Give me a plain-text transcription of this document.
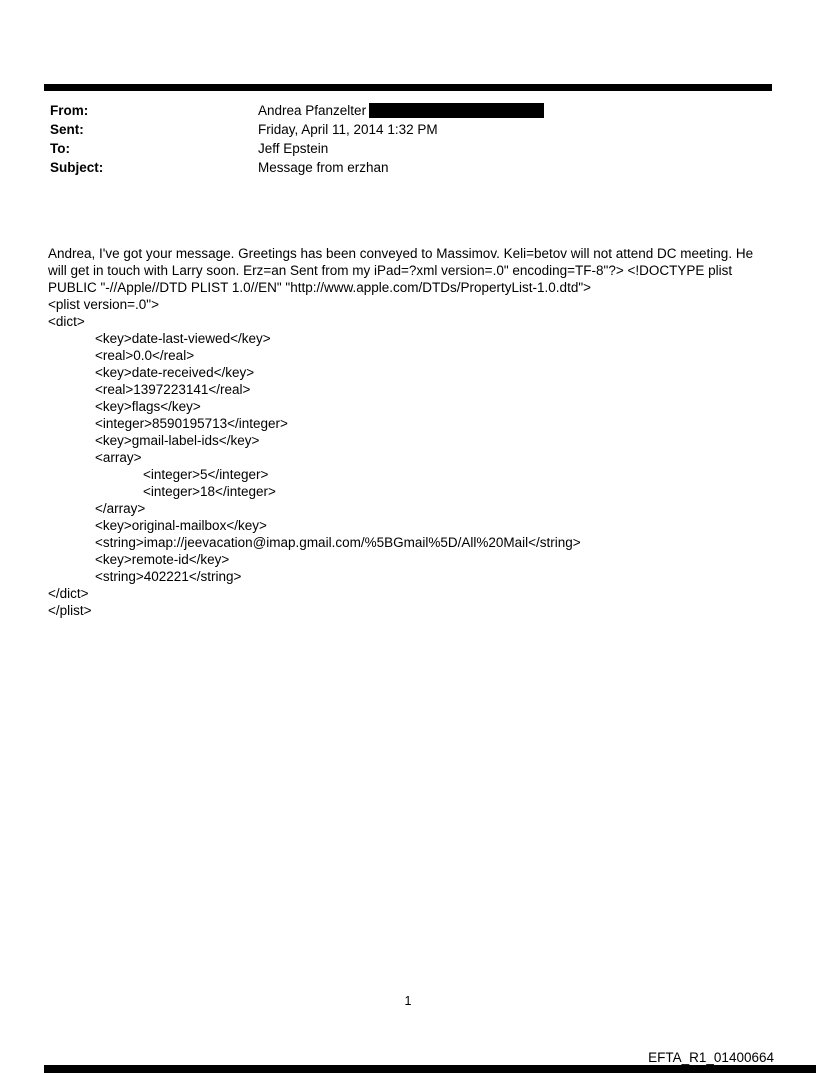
From:	Andrea Pfanzelter
Sent:	Friday, April 11, 2014 1:32 PM
To:	Jeff Epstein
Subject:	Message from erzhan

Andrea, I've got your message. Greetings has been conveyed to Massimov. Keli=betov will not attend DC meeting. He will get in touch with Larry soon. Erz=an Sent from my iPad=?xml version=.0" encoding=TF-8"?> <!DOCTYPE plist PUBLIC "-//Apple//DTD PLIST 1.0//EN" "http://www.apple.com/DTDs/PropertyList-1.0.dtd">

<plist version=.0">
<dict>
<key>date-last-viewed</key>
<real>0.0</real>
<key>date-received</key>
<real>1397223141</real>
<key>flags</key>
<integer>8590195713</integer>
<key>gmail-label-ids</key>
<array>
<integer>5</integer>
<integer>18</integer>
</array>
<key>original-mailbox</key>
<string>imap://jeevacation@imap.gmail.com/%5BGmail%5D/All%20Mail</string>
<key>remote-id</key>
<string>402221</string>
</dict>
</plist>
1
EFTA_R1_01400664
